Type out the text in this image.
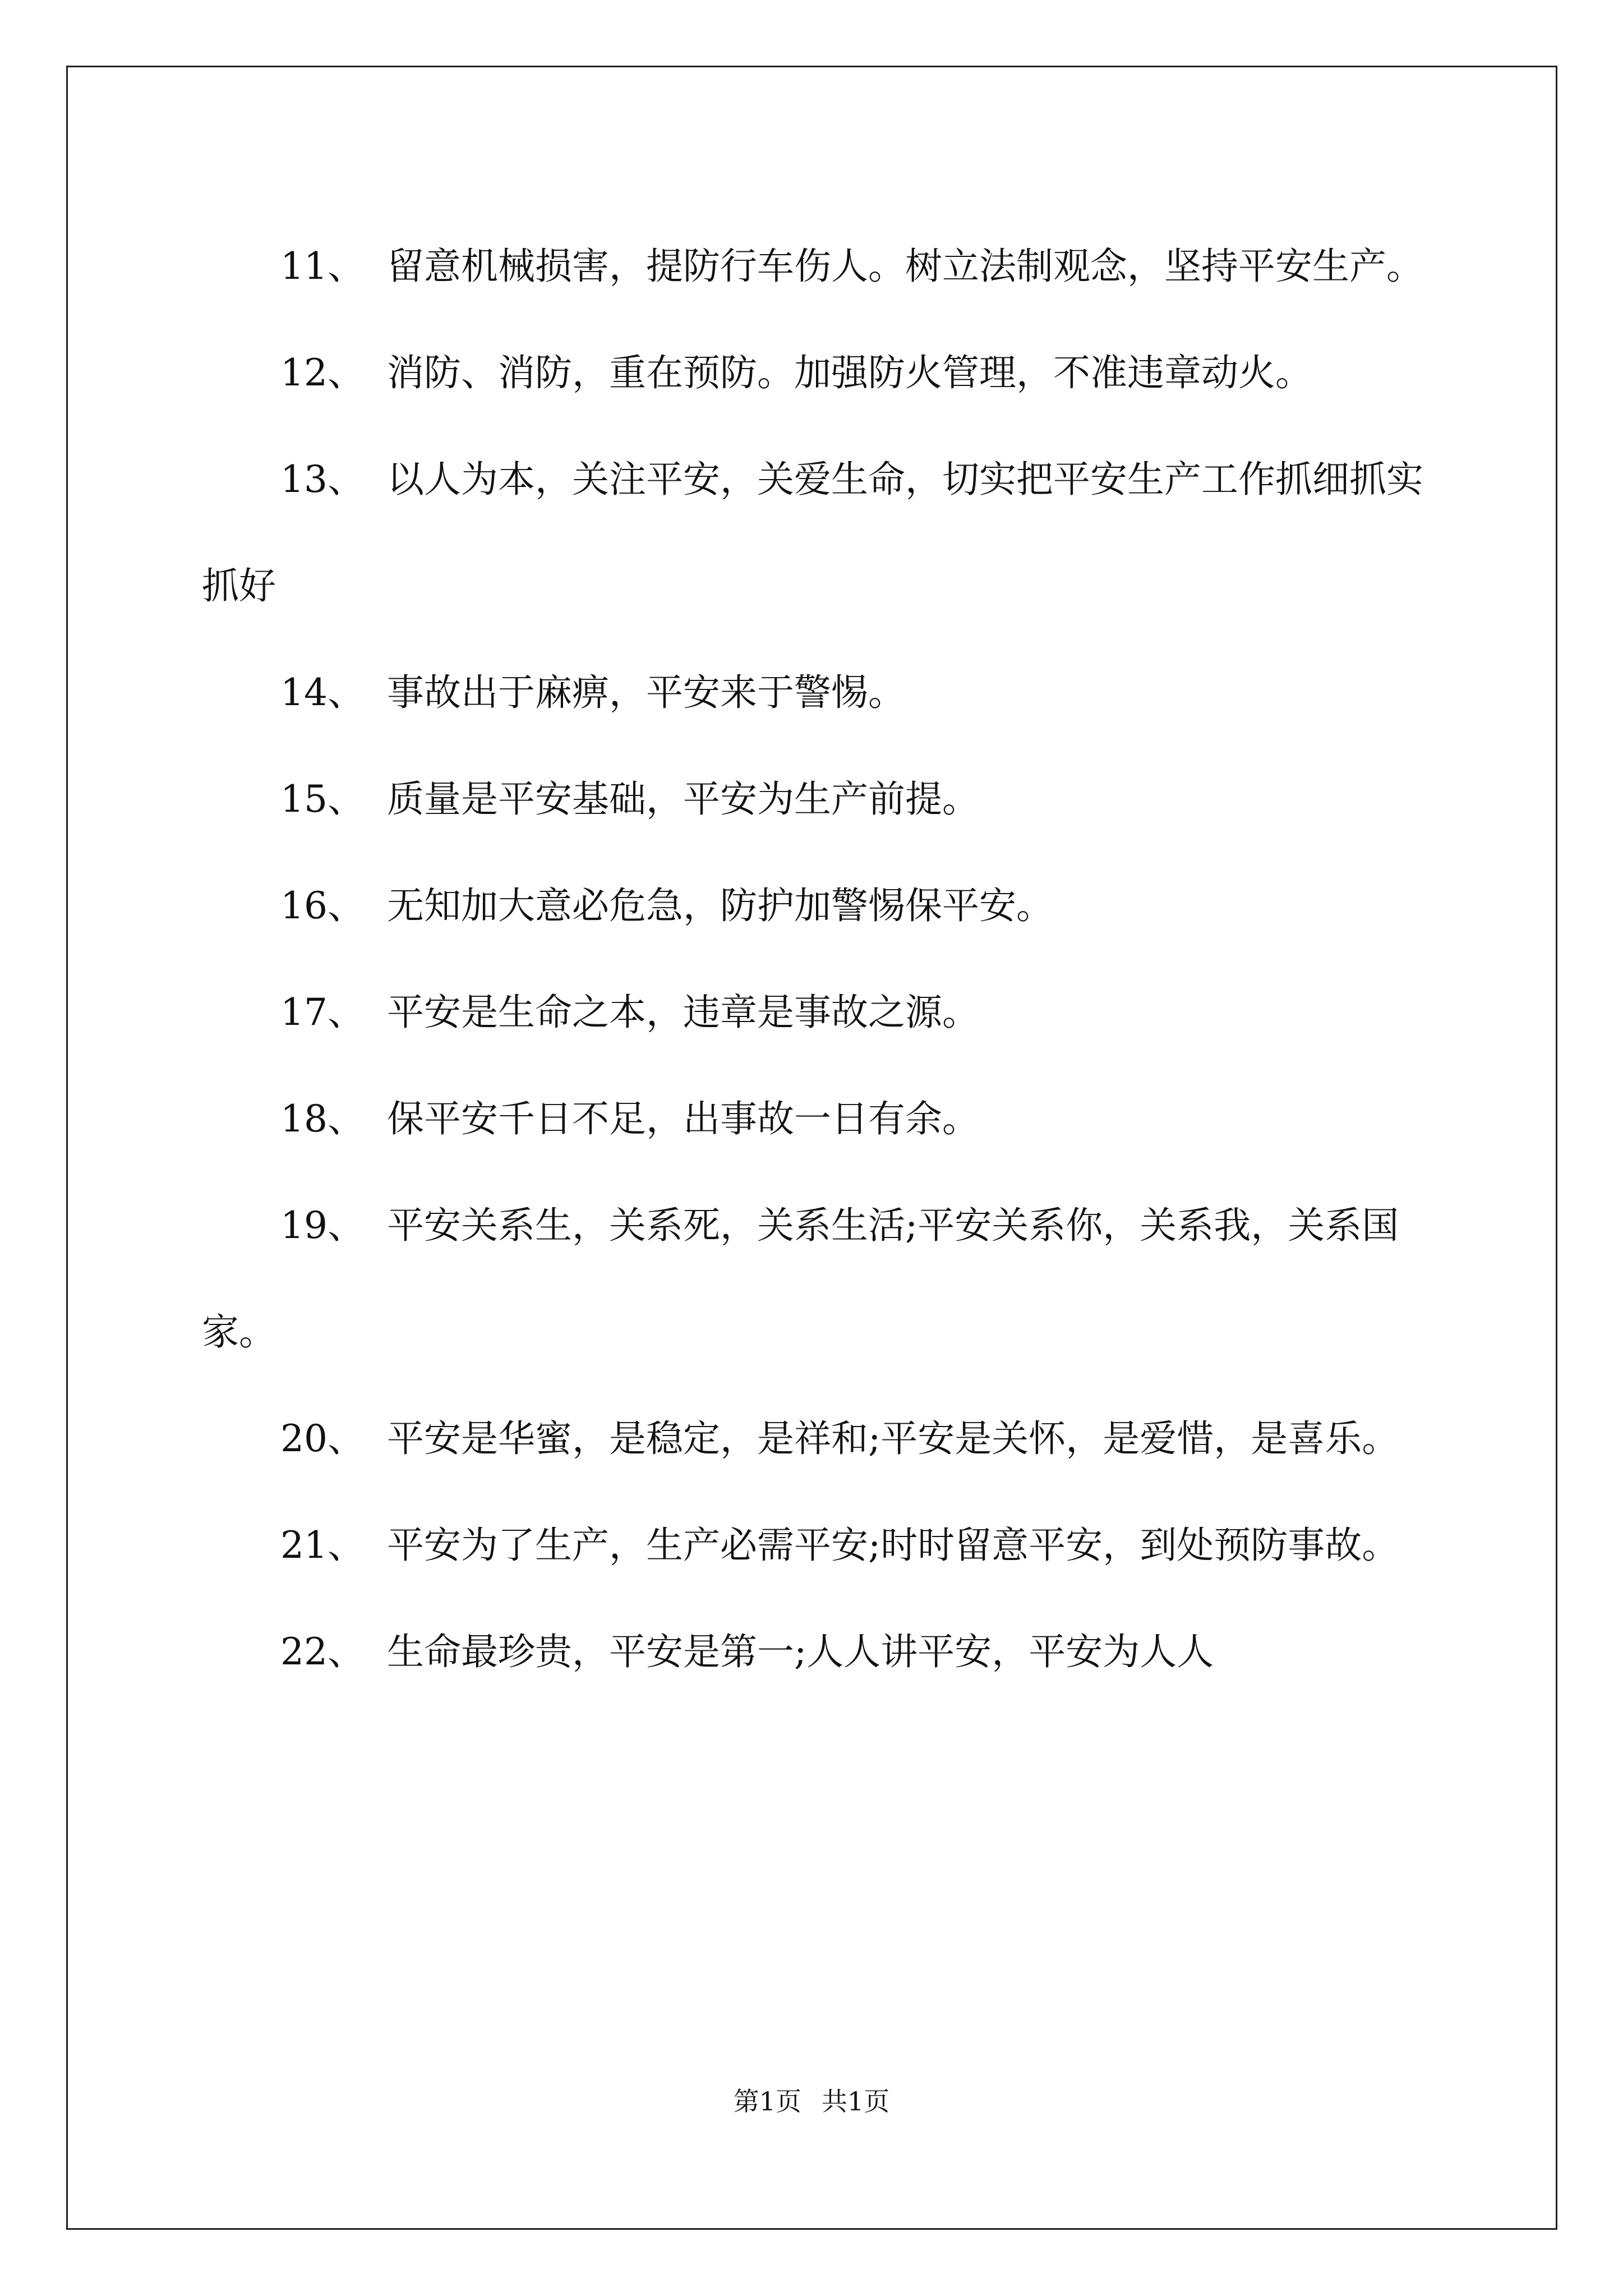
11、 留意机械损害，提防行车伤人。树立法制观念，坚持平安生产。

12、 消防、消防，重在预防。加强防火管理，不准违章动火。

13、 以人为本，关注平安，关爱生命，切实把平安生产工作抓细抓实抓好

14、 事故出于麻痹，平安来于警惕。

15、 质量是平安基础，平安为生产前提。

16、 无知加大意必危急，防护加警惕保平安。

17、 平安是生命之本，违章是事故之源。

18、 保平安千日不足，出事故一日有余。

19、 平安关系生，关系死，关系生活;平安关系你，关系我，关系国家。

20、 平安是华蜜，是稳定，是祥和;平安是关怀，是爱惜，是喜乐。

21、 平安为了生产，生产必需平安;时时留意平安，到处预防事故。

22、 生命最珍贵，平安是第一;人人讲平安，平安为人人

第1页 共1页
